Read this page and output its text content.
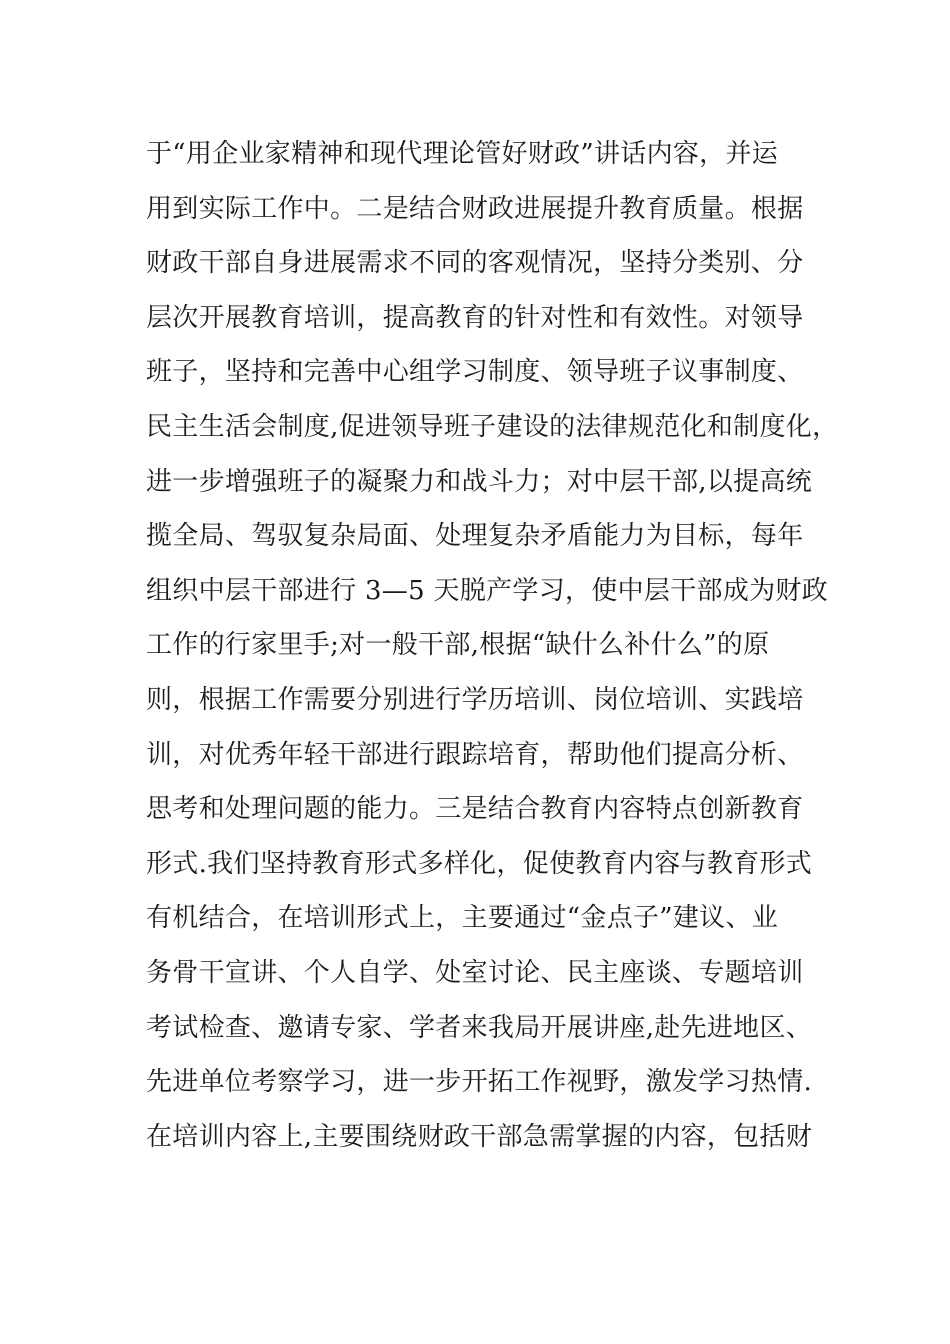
于“用企业家精神和现代理论管好财政”讲话内容，并运
用到实际工作中。二是结合财政进展提升教育质量。根据
财政干部自身进展需求不同的客观情况，坚持分类别、分
层次开展教育培训，提高教育的针对性和有效性。对领导
班子，坚持和完善中心组学习制度、领导班子议事制度、
民主生活会制度,促进领导班子建设的法律规范化和制度化，
进一步增强班子的凝聚力和战斗力；对中层干部,以提高统
揽全局、驾驭复杂局面、处理复杂矛盾能力为目标，每年
组织中层干部进行 3—5 天脱产学习，使中层干部成为财政
工作的行家里手;对一般干部,根据“缺什么补什么”的原
则，根据工作需要分别进行学历培训、岗位培训、实践培
训，对优秀年轻干部进行跟踪培育，帮助他们提高分析、
思考和处理问题的能力。三是结合教育内容特点创新教育
形式.我们坚持教育形式多样化，促使教育内容与教育形式
有机结合，在培训形式上，主要通过“金点子”建议、业
务骨干宣讲、个人自学、处室讨论、民主座谈、专题培训
考试检查、邀请专家、学者来我局开展讲座,赴先进地区、
先进单位考察学习，进一步开拓工作视野，激发学习热情.
在培训内容上,主要围绕财政干部急需掌握的内容，包括财
